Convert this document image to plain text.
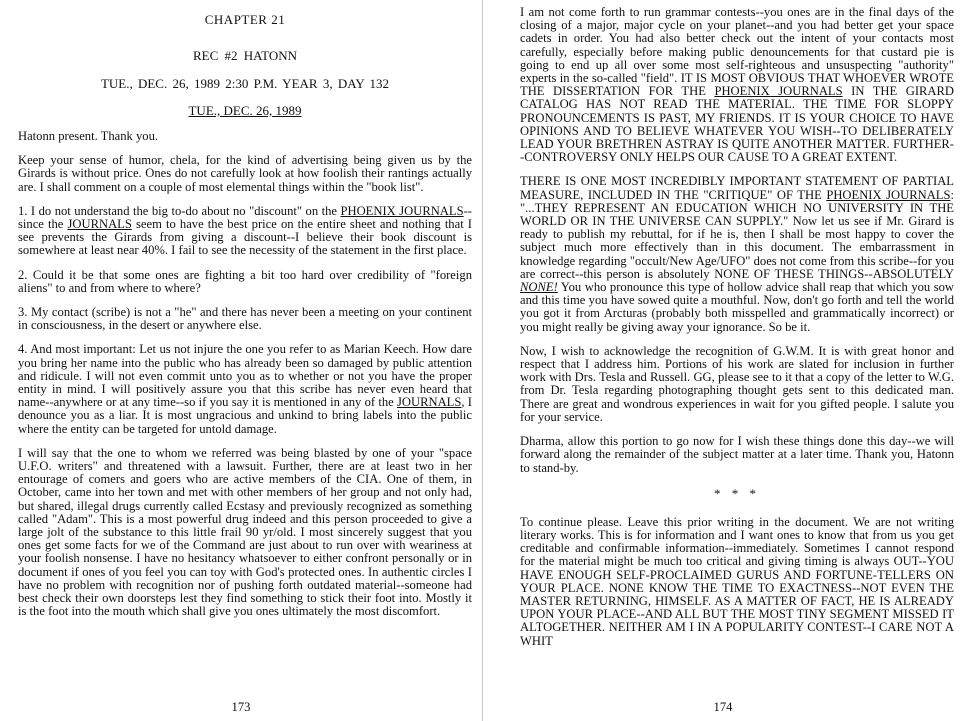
CHAPTER 21
REC #2 HATONN
TUE., DEC. 26, 1989 2:30 P.M. YEAR 3, DAY 132
TUE., DEC. 26, 1989

Hatonn present. Thank you.

Keep your sense of humor, chela, for the kind of advertising being given us by the Girards is without price. Ones do not carefully look at how foolish their rantings actually are. I shall comment on a couple of most elemental things within the "book list".

1. I do not understand the big to-do about no "discount" on the PHOENIX JOURNALS--since the JOURNALS seem to have the best price on the entire sheet and nothing that I see prevents the Girards from giving a discount--I believe their book discount is somewhere at least near 40%. I fail to see the necessity of the statement in the first place.

2. Could it be that some ones are fighting a bit too hard over credibility of "foreign aliens" to and from where to where?

3. My contact (scribe) is not a "he" and there has never been a meeting on your continent in consciousness, in the desert or anywhere else.

4. And most important: Let us not injure the one you refer to as Marian Keech. How dare you bring her name into the public who has already been so damaged by public attention and ridicule. I will not even commit unto you as to whether or not you have the proper entity in mind. I will positively assure you that this scribe has never even heard that name--anywhere or at any time--so if you say it is mentioned in any of the JOURNALS, I denounce you as a liar. It is most ungracious and unkind to bring labels into the public where the entity can be targeted for untold damage.

I will say that the one to whom we referred was being blasted by one of your "space U.F.O. writers" and threatened with a lawsuit. Further, there are at least two in her entourage of comers and goers who are active members of the CIA. One of them, in October, came into her town and met with other members of her group and not only had, but shared, illegal drugs currently called Ecstasy and previously recognized as something called "Adam". This is a most powerful drug indeed and this person proceeded to give a large jolt of the substance to this little frail 90 yr/old. I most sincerely suggest that you ones get some facts for we of the Command are just about to run over with weariness at your foolish nonsense. I have no hesitancy whatsoever to either confront personally or in document if ones of you feel you can toy with God's protected ones. In authentic circles I have no problem with recognition nor of pushing forth outdated material--someone had best check their own doorsteps lest they find something to stick their foot into. Mostly it is the foot into the mouth which shall give you ones ultimately the most discomfort.

173

I am not come forth to run grammar contests--you ones are in the final days of the closing of a major, major cycle on your planet--and you had better get your space cadets in order. You had also better check out the intent of your contacts most carefully, especially before making public denouncements for that custard pie is going to end up all over some most self-righteous and unsuspecting "authority" experts in the so-called "field". IT IS MOST OBVIOUS THAT WHOEVER WROTE THE DISSERTATION FOR THE PHOENIX JOURNALS IN THE GIRARD CATALOG HAS NOT READ THE MATERIAL. THE TIME FOR SLOPPY PRONOUNCEMENTS IS PAST, MY FRIENDS. IT IS YOUR CHOICE TO HAVE OPINIONS AND TO BELIEVE WHATEVER YOU WISH--TO DELIBERATELY LEAD YOUR BRETHREN ASTRAY IS QUITE ANOTHER MATTER. FURTHER--CONTROVERSY ONLY HELPS OUR CAUSE TO A GREAT EXTENT.

THERE IS ONE MOST INCREDIBLY IMPORTANT STATEMENT OF PARTIAL MEASURE, INCLUDED IN THE "CRITIQUE" OF THE PHOENIX JOURNALS: "...THEY REPRESENT AN EDUCATION WHICH NO UNIVERSITY IN THE WORLD OR IN THE UNIVERSE CAN SUPPLY." Now let us see if Mr. Girard is ready to publish my rebuttal, for if he is, then I shall be most happy to cover the subject much more effectively than in this document. The embarrassment in knowledge regarding "occult/New Age/UFO" does not come from this scribe--for you are correct--this person is absolutely NONE OF THESE THINGS--ABSOLUTELY NONE! You who pronounce this type of hollow advice shall reap that which you sow and this time you have sowed quite a mouthful. Now, don't go forth and tell the world you got it from Arcturas (probably both misspelled and grammatically incorrect) or you might really be giving away your ignorance. So be it.

Now, I wish to acknowledge the recognition of G.W.M. It is with great honor and respect that I address him. Portions of his work are slated for inclusion in further work with Drs. Tesla and Russell. GG, please see to it that a copy of the letter to W.G. from Dr. Tesla regarding photographing thought gets sent to this dedicated man. There are great and wondrous experiences in wait for you gifted people. I salute you for your service.

Dharma, allow this portion to go now for I wish these things done this day--we will forward along the remainder of the subject matter at a later time. Thank you, Hatonn to stand-by.

* * *

To continue please. Leave this prior writing in the document. We are not writing literary works. This is for information and I want ones to know that from us you get creditable and confirmable information--immediately. Sometimes I cannot respond for the material might be much too critical and giving timing is always OUT--YOU HAVE ENOUGH SELF-PROCLAIMED GURUS AND FORTUNE-TELLERS ON YOUR PLACE. NONE KNOW THE TIME TO EXACTNESS--NOT EVEN THE MASTER RETURNING, HIMSELF. AS A MATTER OF FACT, HE IS ALREADY UPON YOUR PLACE--AND ALL BUT THE MOST TINY SEGMENT MISSED IT ALTOGETHER. NEITHER AM I IN A POPULARITY CONTEST--I CARE NOT A WHIT

174
